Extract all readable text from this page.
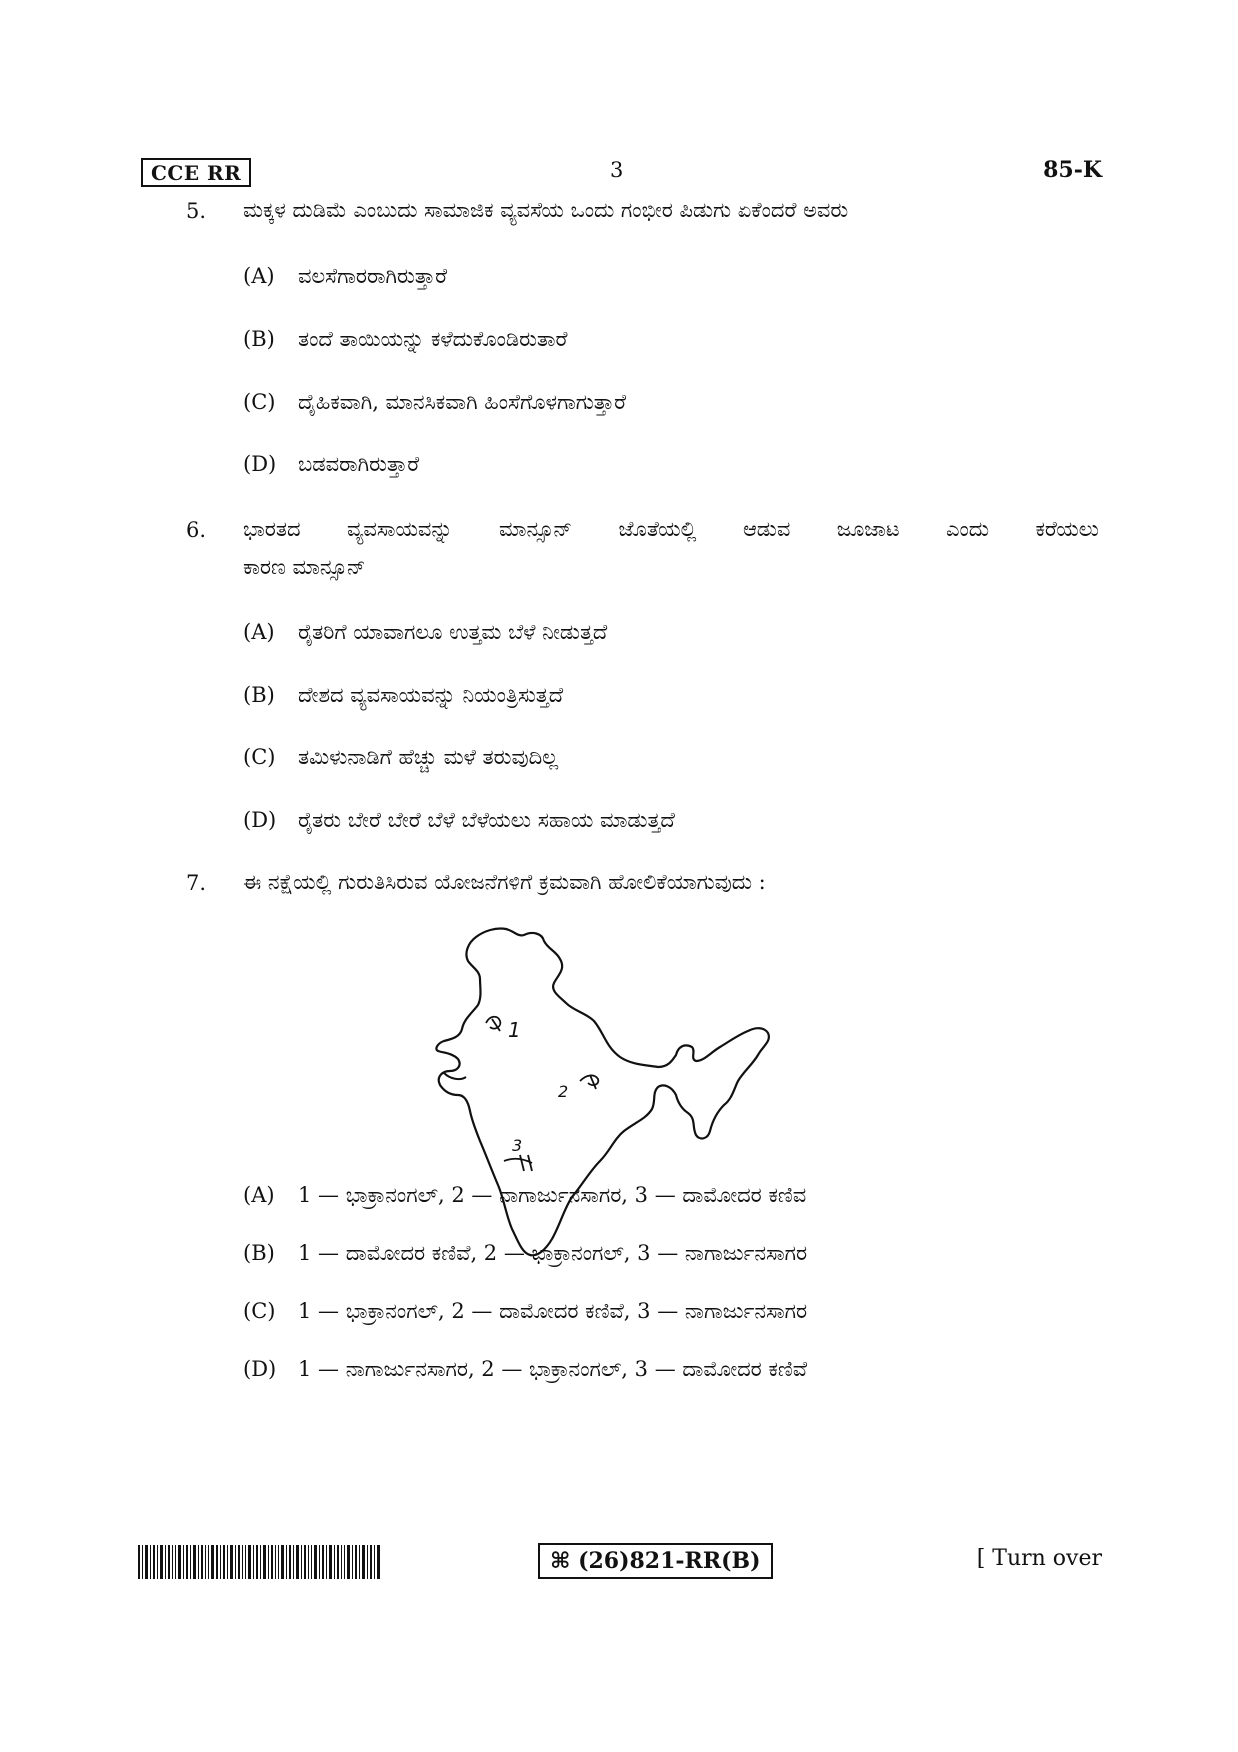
CCE RR	3	85-K
5. ಮಕ್ಕಳ ದುಡಿಮೆ ಎಂಬುದು ಸಾಮಾಜಿಕ ವ್ಯವಸೆಯ ಒಂದು ಗಂಭೀರ ಪಿಡುಗು ಏಕೆಂದರೆ ಅವರು
(A) ವಲಸೆಗಾರರಾಗಿರುತ್ತಾರೆ
(B) ತಂದೆ ತಾಯಿಯನ್ನು ಕಳೆದುಕೊಂಡಿರುತಾರೆ
(C) ದೈಹಿಕವಾಗಿ, ಮಾನಸಿಕವಾಗಿ ಹಿಂಸೆಗೊಳಗಾಗುತ್ತಾರೆ
(D) ಬಡವರಾಗಿರುತ್ತಾರೆ
6. ಭಾರತದ ವ್ಯವಸಾಯವನ್ನು ಮಾನ್ಸೂನ್ ಜೊತೆಯಲ್ಲಿ ಆಡುವ ಜೂಜಾಟ ಎಂದು ಕರೆಯಲು
ಕಾರಣ ಮಾನ್ಸೂನ್
(A) ರೈತರಿಗೆ ಯಾವಾಗಲೂ ಉತ್ತಮ ಬೆಳೆ ನೀಡುತ್ತದೆ
(B) ದೇಶದ ವ್ಯವಸಾಯವನ್ನು ನಿಯಂತ್ರಿಸುತ್ತದೆ
(C) ತಮಿಳುನಾಡಿಗೆ ಹೆಚ್ಚು ಮಳೆ ತರುವುದಿಲ್ಲ
(D) ರೈತರು ಬೇರೆ ಬೇರೆ ಬೆಳೆ ಬೆಳೆಯಲು ಸಹಾಯ ಮಾಡುತ್ತದೆ
7. ಈ ನಕ್ಷೆಯಲ್ಲಿ ಗುರುತಿಸಿರುವ ಯೋಜನೆಗಳಿಗೆ ಕ್ರಮವಾಗಿ ಹೋಲಿಕೆಯಾಗುವುದು :
1
2
3
(A) 1 — ಭಾಕ್ರಾನಂಗಲ್, 2 — ನಾಗಾರ್ಜುನಸಾಗರ, 3 — ದಾಮೋದರ ಕಣಿವ
(B) 1 — ದಾಮೋದರ ಕಣಿವೆ, 2 — ಭಾಕ್ರಾನಂಗಲ್, 3 — ನಾಗಾರ್ಜುನಸಾಗರ
(C) 1 — ಭಾಕ್ರಾನಂಗಲ್, 2 — ದಾಮೋದರ ಕಣಿವೆ, 3 — ನಾಗಾರ್ಜುನಸಾಗರ
(D) 1 — ನಾಗಾರ್ಜುನಸಾಗರ, 2 — ಭಾಕ್ರಾನಂಗಲ್, 3 — ದಾಮೋದರ ಕಣಿವೆ
⌘ (26)821-RR(B)	[ Turn over
